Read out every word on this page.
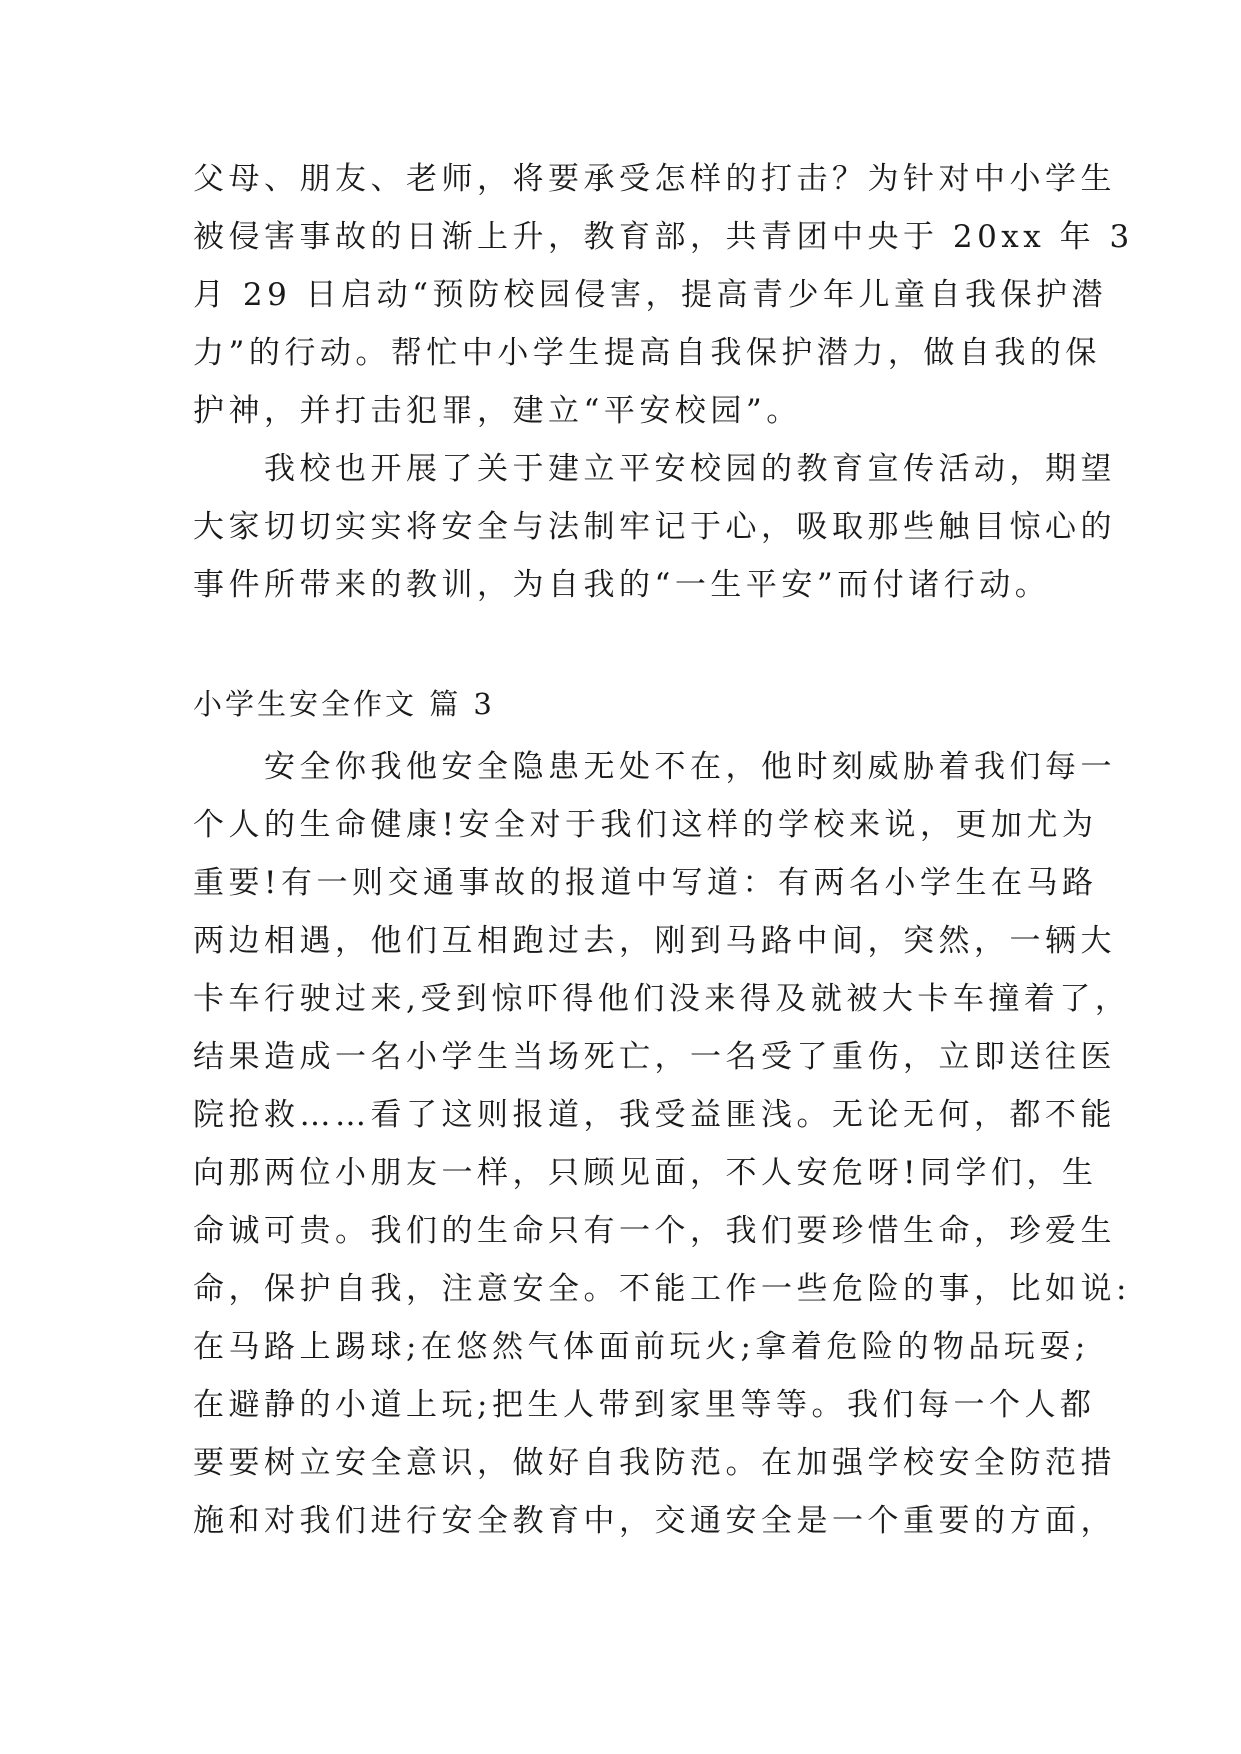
父母、朋友、老师，将要承受怎样的打击？为针对中小学生
被侵害事故的日渐上升，教育部，共青团中央于 20xx 年 3
月 29 日启动“预防校园侵害，提高青少年儿童自我保护潜
力”的行动。帮忙中小学生提高自我保护潜力，做自我的保
护神，并打击犯罪，建立“平安校园”。
　　我校也开展了关于建立平安校园的教育宣传活动，期望
大家切切实实将安全与法制牢记于心，吸取那些触目惊心的
事件所带来的教训，为自我的“一生平安”而付诸行动。
小学生安全作文 篇 3
　　安全你我他安全隐患无处不在，他时刻威胁着我们每一
个人的生命健康!安全对于我们这样的学校来说，更加尤为
重要!有一则交通事故的报道中写道：有两名小学生在马路
两边相遇，他们互相跑过去，刚到马路中间，突然，一辆大
卡车行驶过来,受到惊吓得他们没来得及就被大卡车撞着了，
结果造成一名小学生当场死亡，一名受了重伤，立即送往医
院抢救……看了这则报道，我受益匪浅。无论无何，都不能
向那两位小朋友一样，只顾见面，不人安危呀!同学们，生
命诚可贵。我们的生命只有一个，我们要珍惜生命，珍爱生
命，保护自我，注意安全。不能工作一些危险的事，比如说:
在马路上踢球;在悠然气体面前玩火;拿着危险的物品玩耍;
在避静的小道上玩;把生人带到家里等等。我们每一个人都
要要树立安全意识，做好自我防范。在加强学校安全防范措
施和对我们进行安全教育中，交通安全是一个重要的方面，
